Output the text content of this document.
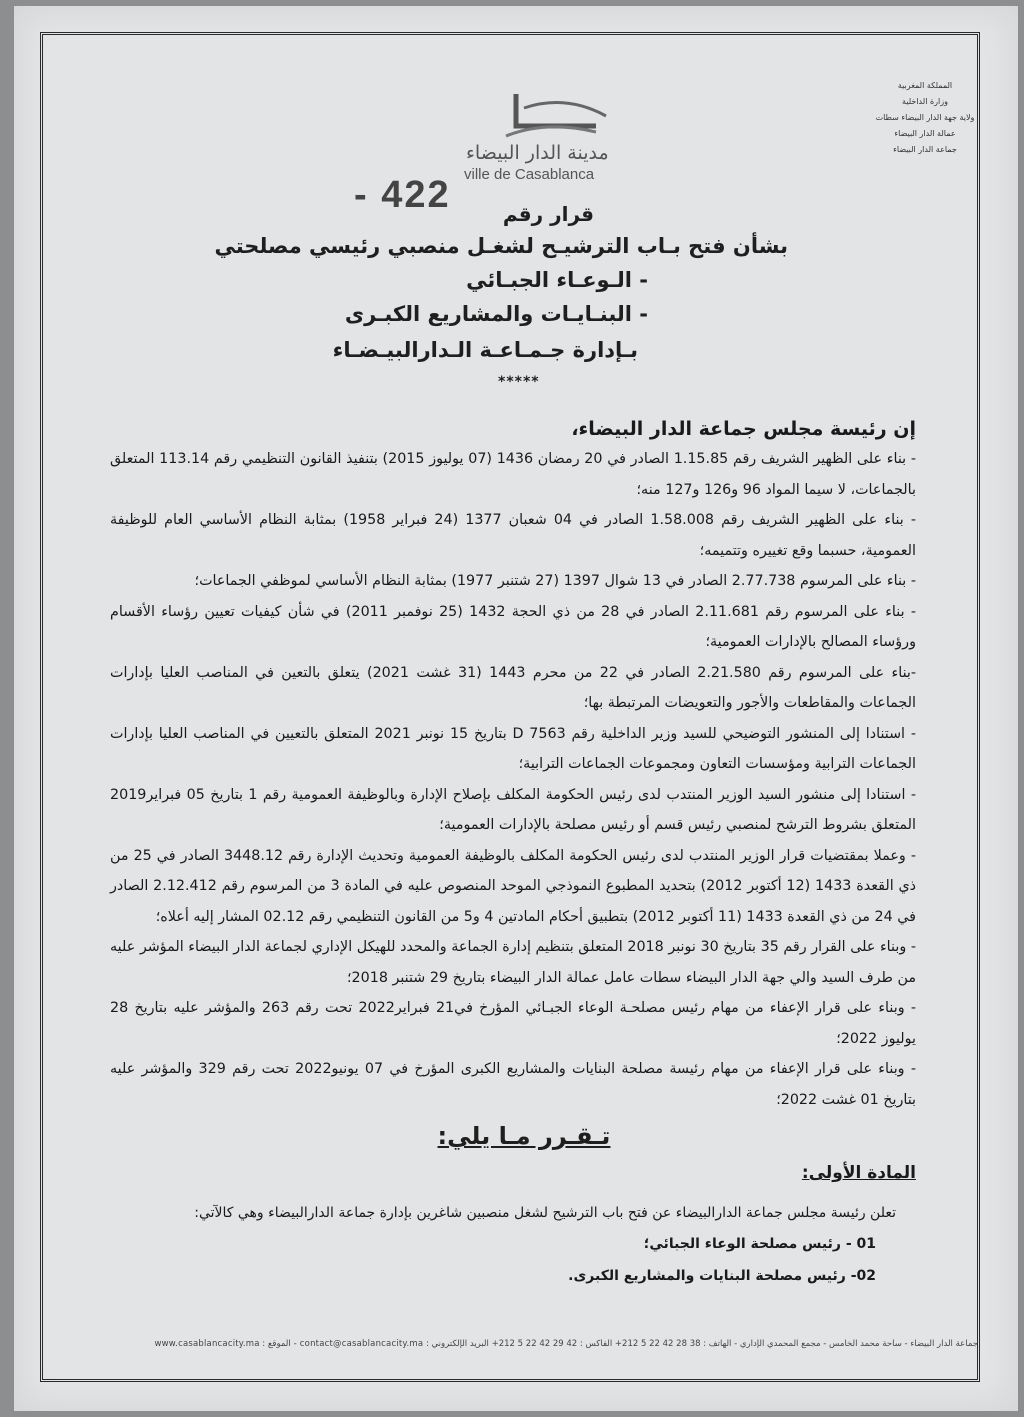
المملكة المغربية
وزارة الداخلية
ولاية جهة الدار البيضاء سطات
عمالة الدار البيضاء
جماعة الدار البيضاء
مدينة الدار البيضاء
ville de Casablanca
- 422	قرار رقم
بشأن فتح بـاب الترشيـح لشغـل منصبي رئيسي مصلحتي
- الـوعـاء الجبـائي
- البنـايـات والمشاريع الكبـرى
بـإدارة جـمـاعـة الـدارالبيـضـاء
*****

إن رئيسة مجلس جماعة الدار البيضاء،

- بناء على الظهير الشريف رقم 1.15.85 الصادر في 20 رمضان 1436 (07 يوليوز 2015) بتنفيذ القانون التنظيمي رقم 113.14 المتعلق بالجماعات، لا سيما المواد 96 و126 و127 منه؛

- بناء على الظهير الشريف رقم 1.58.008 الصادر في 04 شعبان 1377 (24 فبراير 1958) بمثابة النظام الأساسي العام للوظيفة العمومية، حسبما وقع تغييره وتتميمه؛

- بناء على المرسوم 2.77.738 الصادر في 13 شوال 1397 (27 شتنبر 1977) بمثابة النظام الأساسي لموظفي الجماعات؛

- بناء على المرسوم رقم 2.11.681 الصادر في 28 من ذي الحجة 1432 (25 نوفمبر 2011) في شأن كيفيات تعيين رؤساء الأقسام ورؤساء المصالح بالإدارات العمومية؛

-بناء على المرسوم رقم 2.21.580 الصادر في 22 من محرم 1443 (31 غشت 2021) يتعلق بالتعين في المناصب العليا بإدارات الجماعات والمقاطعات والأجور والتعويضات المرتبطة بها؛

- استنادا إلى المنشور التوضيحي للسيد وزير الداخلية رقم D 7563 بتاريخ 15 نونبر 2021 المتعلق بالتعيين في المناصب العليا بإدارات الجماعات الترابية ومؤسسات التعاون ومجموعات الجماعات الترابية؛

- استنادا إلى منشور السيد الوزير المنتدب لدى رئيس الحكومة المكلف بإصلاح الإدارة وبالوظيفة العمومية رقم 1 بتاريخ 05 فبراير2019 المتعلق بشروط الترشح لمنصبي رئيس قسم أو رئيس مصلحة بالإدارات العمومية؛

- وعملا بمقتضيات قرار الوزير المنتدب لدى رئيس الحكومة المكلف بالوظيفة العمومية وتحديث الإدارة رقم 3448.12 الصادر في 25 من ذي القعدة 1433 (12 أكتوبر 2012) بتحديد المطبوع النموذجي الموحد المنصوص عليه في المادة 3 من المرسوم رقم 2.12.412 الصادر في 24 من ذي القعدة 1433 (11 أكتوبر 2012) بتطبيق أحكام المادتين 4 و5 من القانون التنظيمي رقم 02.12 المشار إليه أعلاه؛

- وبناء على القرار رقم 35 بتاريخ 30 نونبر 2018 المتعلق بتنظيم إدارة الجماعة والمحدد للهيكل الإداري لجماعة الدار البيضاء المؤشر عليه من طرف السيد والي جهة الدار البيضاء سطات عامل عمالة الدار البيضاء بتاريخ 29 شتنبر 2018؛

- وبناء على قرار الإعفاء من مهام رئيس مصلحـة الوعاء الجبـائي المؤرخ في21 فبراير2022 تحت رقم 263 والمؤشر عليه بتاريخ 28 يوليوز 2022؛

- وبناء على قرار الإعفاء من مهام رئيسة مصلحة البنايات والمشاريع الكبرى المؤرخ في 07 يونيو2022 تحت رقم 329 والمؤشر عليه بتاريخ 01 غشت 2022؛

تـقـرر مـا يلي:
المادة الأولى:
تعلن رئيسة مجلس جماعة الدارالبيضاء عن فتح باب الترشيح لشغل منصبين شاغرين بإدارة جماعة الدارالبيضاء وهي كالآتي:
01 - رئيس مصلحة الوعاء الجبائي؛
02- رئيس مصلحة البنايات والمشاريع الكبرى.
جماعة الدار البيضاء - ساحة محمد الخامس - مجمع المحمدي الإداري - الهاتف : 38 28 42 22 5 212+ الفاكس : 42 29 42 22 5 212+ البريد الإلكتروني : contact@casablancacity.ma - الموقع : www.casablancacity.ma
